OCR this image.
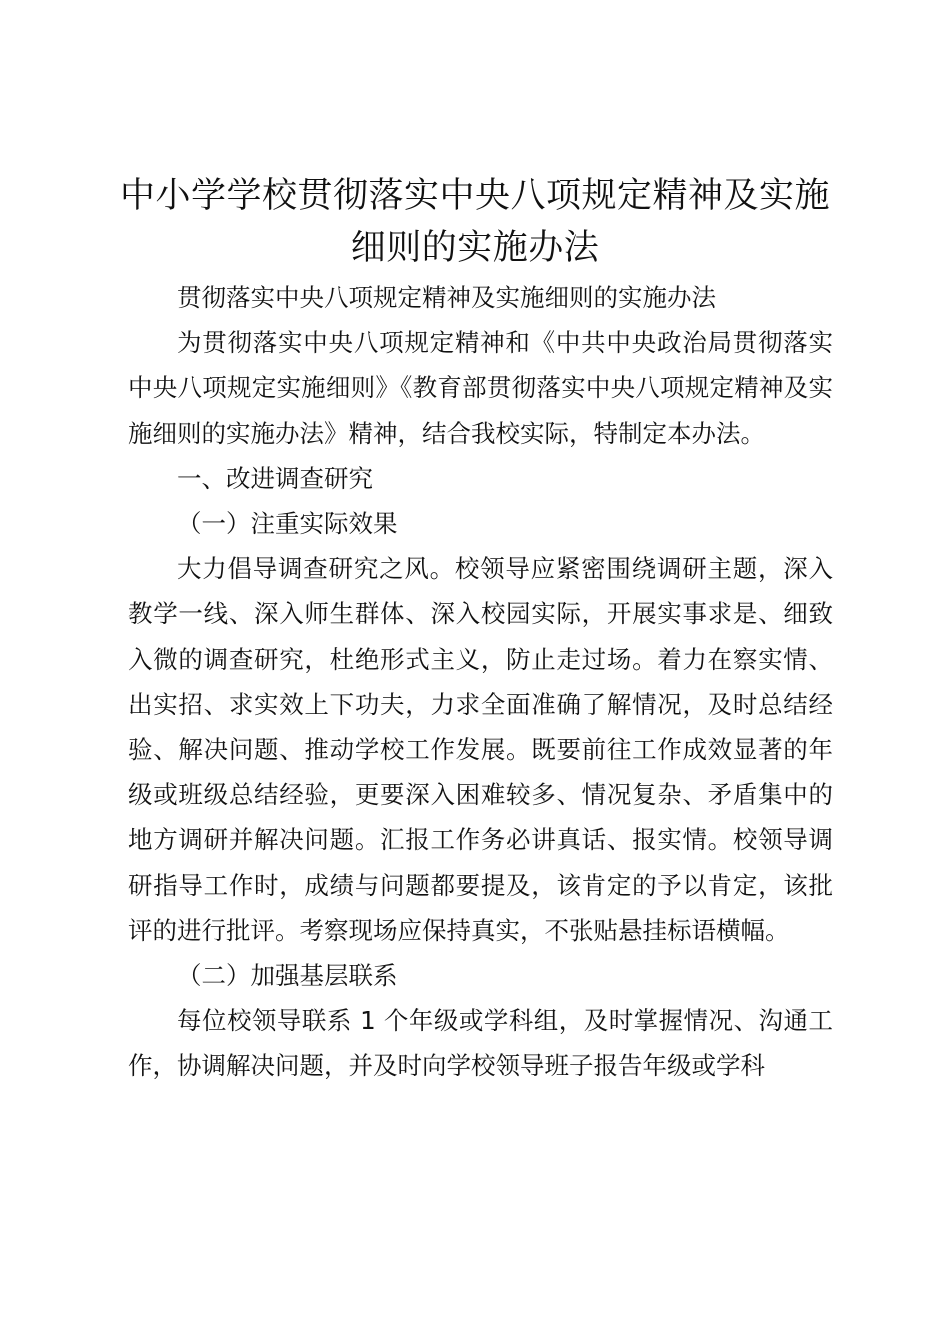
中小学学校贯彻落实中央八项规定精神及实施细则的实施办法

贯彻落实中央八项规定精神及实施细则的实施办法

为贯彻落实中央八项规定精神和《中共中央政治局贯彻落实中央八项规定实施细则》《教育部贯彻落实中央八项规定精神及实施细则的实施办法》精神，结合我校实际，特制定本办法。

一、改进调查研究

（一）注重实际效果

大力倡导调查研究之风。校领导应紧密围绕调研主题，深入教学一线、深入师生群体、深入校园实际，开展实事求是、细致入微的调查研究，杜绝形式主义，防止走过场。着力在察实情、出实招、求实效上下功夫，力求全面准确了解情况，及时总结经验、解决问题、推动学校工作发展。既要前往工作成效显著的年级或班级总结经验，更要深入困难较多、情况复杂、矛盾集中的地方调研并解决问题。汇报工作务必讲真话、报实情。校领导调研指导工作时，成绩与问题都要提及，该肯定的予以肯定，该批评的进行批评。考察现场应保持真实，不张贴悬挂标语横幅。

（二）加强基层联系

每位校领导联系 1 个年级或学科组，及时掌握情况、沟通工作，协调解决问题，并及时向学校领导班子报告年级或学科
